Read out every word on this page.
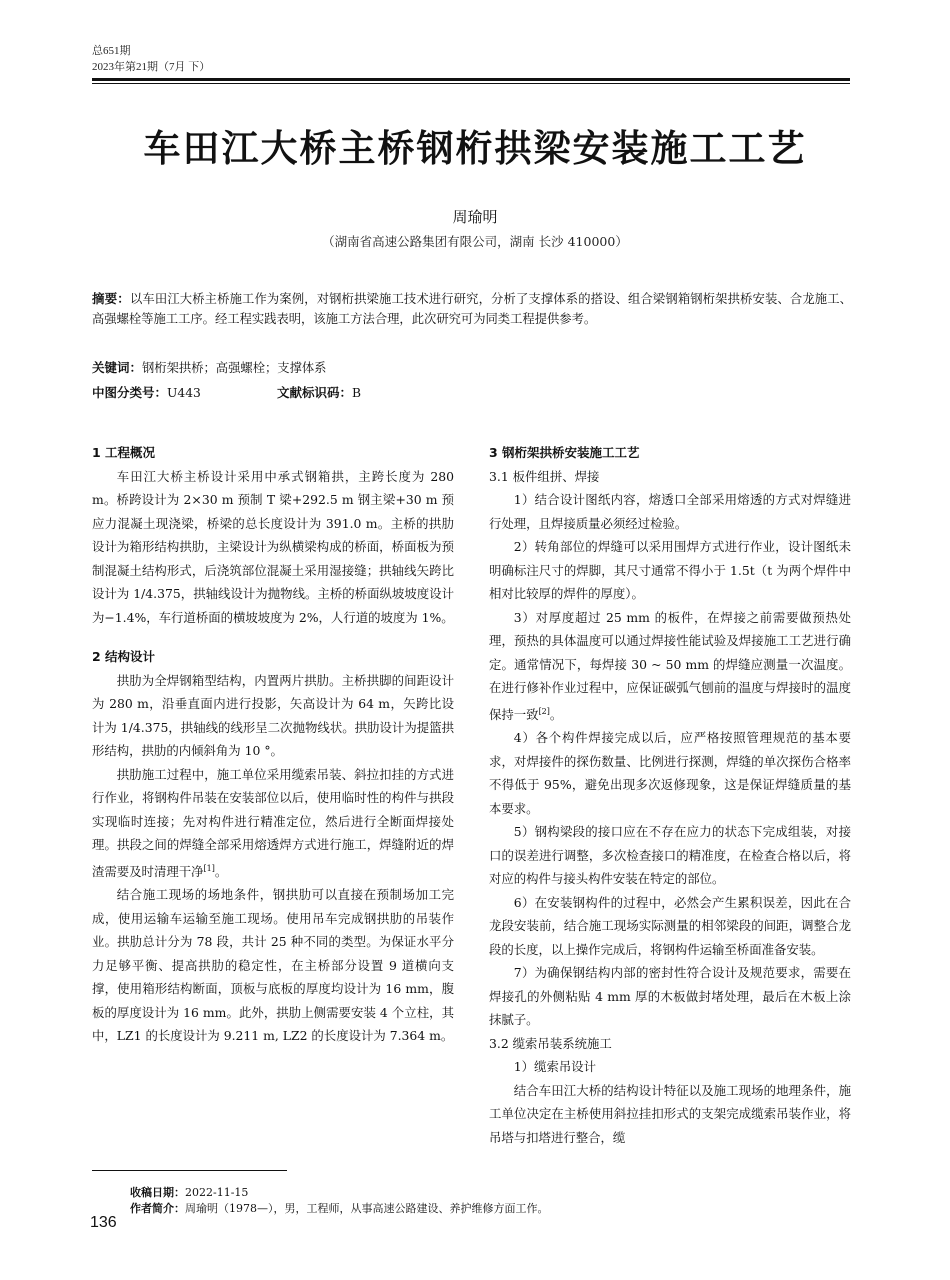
总651期
2023年第21期（7月 下）
车田江大桥主桥钢桁拱梁安装施工工艺
周瑜明
（湖南省高速公路集团有限公司，湖南 长沙 410000）
摘要：以车田江大桥主桥施工作为案例，对钢桁拱梁施工技术进行研究，分析了支撑体系的搭设、组合梁钢箱钢桁架拱桥安装、合龙施工、高强螺栓等施工工序。经工程实践表明，该施工方法合理，此次研究可为同类工程提供参考。
关键词：钢桁架拱桥；高强螺栓；支撑体系
中图分类号：U443	文献标识码：B
1 工程概况

车田江大桥主桥设计采用中承式钢箱拱，主跨长度为 280 m。桥跨设计为 2×30 m 预制 T 梁+292.5 m 钢主梁+30 m 预应力混凝土现浇梁，桥梁的总长度设计为 391.0 m。主桥的拱肋设计为箱形结构拱肋，主梁设计为纵横梁构成的桥面，桥面板为预制混凝土结构形式，后浇筑部位混凝土采用湿接缝；拱轴线矢跨比设计为 1/4.375，拱轴线设计为抛物线。主桥的桥面纵坡坡度设计为−1.4%，车行道桥面的横坡坡度为 2%，人行道的坡度为 1%。

2 结构设计

拱肋为全焊钢箱型结构，内置两片拱肋。主桥拱脚的间距设计为 280 m，沿垂直面内进行投影，矢高设计为 64 m，矢跨比设计为 1/4.375，拱轴线的线形呈二次抛物线状。拱肋设计为提篮拱形结构，拱肋的内倾斜角为 10 °。

拱肋施工过程中，施工单位采用缆索吊装、斜拉扣挂的方式进行作业，将钢构件吊装在安装部位以后，使用临时性的构件与拱段实现临时连接；先对构件进行精准定位，然后进行全断面焊接处理。拱段之间的焊缝全部采用熔透焊方式进行施工，焊缝附近的焊渣需要及时清理干净[1]。

结合施工现场的场地条件，钢拱肋可以直接在预制场加工完成，使用运输车运输至施工现场。使用吊车完成钢拱肋的吊装作业。拱肋总计分为 78 段，共计 25 种不同的类型。为保证水平分力足够平衡、提高拱肋的稳定性，在主桥部分设置 9 道横向支撑，使用箱形结构断面，顶板与底板的厚度均设计为 16 mm，腹板的厚度设计为 16 mm。此外，拱肋上侧需要安装 4 个立柱，其中，LZ1 的长度设计为 9.211 m, LZ2 的长度设计为 7.364 m。

3 钢桁架拱桥安装施工工艺
3.1 板件组拼、焊接

1）结合设计图纸内容，熔透口全部采用熔透的方式对焊缝进行处理，且焊接质量必须经过检验。

2）转角部位的焊缝可以采用围焊方式进行作业，设计图纸未明确标注尺寸的焊脚，其尺寸通常不得小于 1.5t（t 为两个焊件中相对比较厚的焊件的厚度）。

3）对厚度超过 25 mm 的板件，在焊接之前需要做预热处理，预热的具体温度可以通过焊接性能试验及焊接施工工艺进行确定。通常情况下，每焊接 30 ~ 50 mm 的焊缝应测量一次温度。在进行修补作业过程中，应保证碳弧气刨前的温度与焊接时的温度保持一致[2]。

4）各个构件焊接完成以后，应严格按照管理规范的基本要求，对焊接件的探伤数量、比例进行探测，焊缝的单次探伤合格率不得低于 95%，避免出现多次返修现象，这是保证焊缝质量的基本要求。

5）钢构梁段的接口应在不存在应力的状态下完成组装，对接口的误差进行调整，多次检查接口的精准度，在检查合格以后，将对应的构件与接头构件安装在特定的部位。

6）在安装钢构件的过程中，必然会产生累积误差，因此在合龙段安装前，结合施工现场实际测量的相邻梁段的间距，调整合龙段的长度，以上操作完成后，将钢构件运输至桥面准备安装。

7）为确保钢结构内部的密封性符合设计及规范要求，需要在焊接孔的外侧粘贴 4 mm 厚的木板做封堵处理，最后在木板上涂抹腻子。

3.2 缆索吊装系统施工

1）缆索吊设计

结合车田江大桥的结构设计特征以及施工现场的地理条件，施工单位决定在主桥使用斜拉挂扣形式的支架完成缆索吊装作业，将吊塔与扣塔进行整合，缆

收稿日期：2022-11-15
作者简介：周瑜明（1978—），男，工程师，从事高速公路建设、养护维修方面工作。
136
